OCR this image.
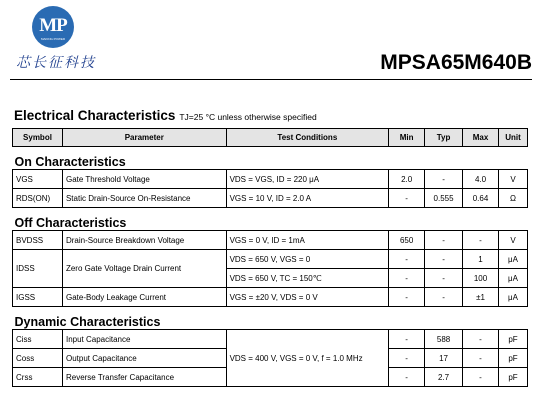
MP
MAKING POWER
芯长征科技	MPSA65M640B
Electrical Characteristics TJ=25 °C unless otherwise specified
Symbol	Parameter	Test Conditions	Min	Typ	Max	Unit
On Characteristics						
VGS	Gate Threshold Voltage	VDS = VGS, ID = 220 μA	2.0	-	4.0	V
RDS(ON)	Static Drain-Source On-Resistance	VGS = 10 V, ID = 2.0 A	-	0.555	0.64	Ω
Off Characteristics						
BVDSS	Drain-Source Breakdown Voltage	VGS = 0 V, ID = 1mA	650	-	-	V
IDSS	Zero Gate Voltage Drain Current	VDS = 650 V, VGS = 0	-	-	1	μA
		VDS = 650 V, TC = 150℃	-	-	100	μA
IGSS	Gate-Body Leakage Current	VGS = ±20 V, VDS = 0 V	-	-	±1	μA
Dynamic Characteristics						
Ciss	Input Capacitance	VDS = 400 V, VGS = 0 V, f = 1.0 MHz	-	588	-	pF
Coss	Output Capacitance		-	17	-	pF
Crss	Reverse Transfer Capacitance		-	2.7	-	pF
